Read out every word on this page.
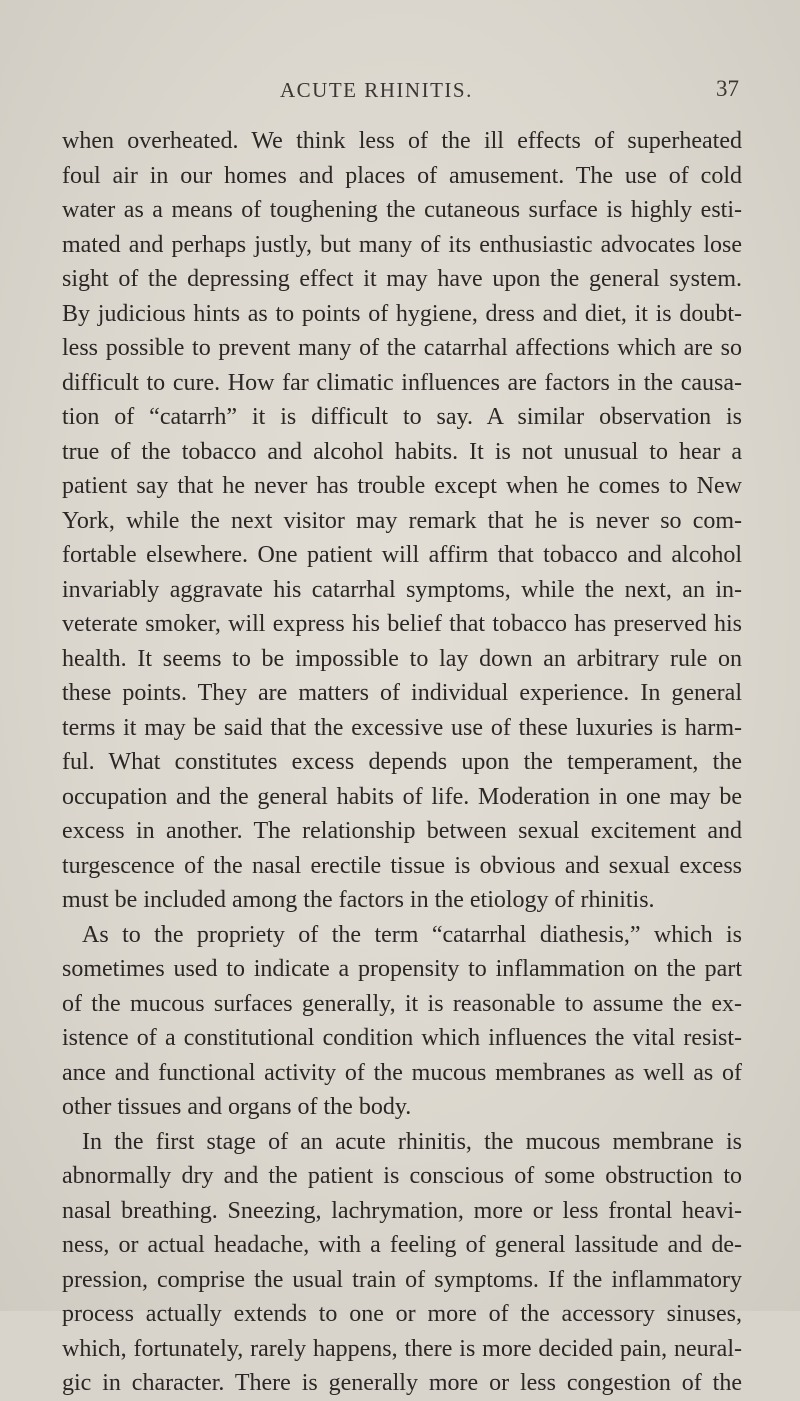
ACUTE RHINITIS.	37
when overheated. We think less of the ill effects of superheated
foul air in our homes and places of amusement. The use of cold
water as a means of toughening the cutaneous surface is highly esti-
mated and perhaps justly, but many of its enthusiastic advocates lose
sight of the depressing effect it may have upon the general system.
By judicious hints as to points of hygiene, dress and diet, it is doubt-
less possible to prevent many of the catarrhal affections which are so
difficult to cure. How far climatic influences are factors in the causa-
tion of “catarrh” it is difficult to say. A similar observation is
true of the tobacco and alcohol habits. It is not unusual to hear a
patient say that he never has trouble except when he comes to New
York, while the next visitor may remark that he is never so com-
fortable elsewhere. One patient will affirm that tobacco and alcohol
invariably aggravate his catarrhal symptoms, while the next, an in-
veterate smoker, will express his belief that tobacco has preserved his
health. It seems to be impossible to lay down an arbitrary rule on
these points. They are matters of individual experience. In general
terms it may be said that the excessive use of these luxuries is harm-
ful. What constitutes excess depends upon the temperament, the
occupation and the general habits of life. Moderation in one may be
excess in another. The relationship between sexual excitement and
turgescence of the nasal erectile tissue is obvious and sexual excess
must be included among the factors in the etiology of rhinitis.
As to the propriety of the term “catarrhal diathesis,” which is
sometimes used to indicate a propensity to inflammation on the part
of the mucous surfaces generally, it is reasonable to assume the ex-
istence of a constitutional condition which influences the vital resist-
ance and functional activity of the mucous membranes as well as of
other tissues and organs of the body.
In the first stage of an acute rhinitis, the mucous membrane is
abnormally dry and the patient is conscious of some obstruction to
nasal breathing. Sneezing, lachrymation, more or less frontal heavi-
ness, or actual headache, with a feeling of general lassitude and de-
pression, comprise the usual train of symptoms. If the inflammatory
process actually extends to one or more of the accessory sinuses,
which, fortunately, rarely happens, there is more decided pain, neural-
gic in character. There is generally more or less congestion of the
